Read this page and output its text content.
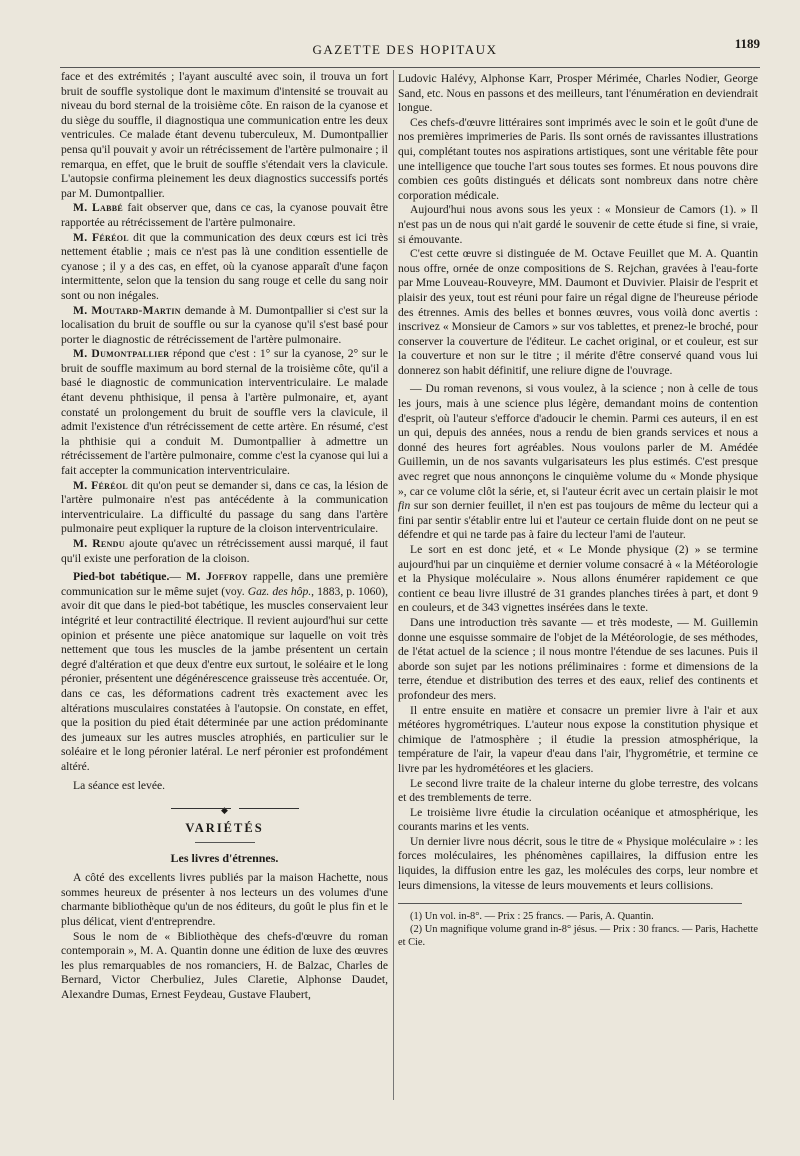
GAZETTE DES HOPITAUX	1189

face et des extrémités ; l'ayant ausculté avec soin, il trouva un fort bruit de souffle systolique dont le maximum d'intensité se trouvait au niveau du bord sternal de la troisième côte. En raison de la cyanose et du siège du souffle, il diagnostiqua une communication entre les deux ventricules. Ce malade étant devenu tuberculeux, M. Dumontpallier pensa qu'il pouvait y avoir un rétrécissement de l'artère pulmonaire ; il remarqua, en effet, que le bruit de souffle s'étendait vers la clavicule. L'autopsie confirma pleinement les deux diagnostics successifs portés par M. Dumontpallier.

M. Labbé fait observer que, dans ce cas, la cyanose pouvait être rapportée au rétrécissement de l'artère pulmonaire.

M. Féréol dit que la communication des deux cœurs est ici très nettement établie ; mais ce n'est pas là une condition essentielle de cyanose ; il y a des cas, en effet, où la cyanose apparaît d'une façon intermittente, selon que la tension du sang rouge et celle du sang noir sont ou non inégales.

M. Moutard-Martin demande à M. Dumontpallier si c'est sur la localisation du bruit de souffle ou sur la cyanose qu'il s'est basé pour porter le diagnostic de rétrécissement de l'artère pulmonaire.

M. Dumontpallier répond que c'est : 1° sur la cyanose, 2° sur le bruit de souffle maximum au bord sternal de la troisième côte, qu'il a basé le diagnostic de communication interventriculaire. Le malade étant devenu phthisique, il pensa à l'artère pulmonaire, et, ayant constaté un prolongement du bruit de souffle vers la clavicule, il admit l'existence d'un rétrécissement de cette artère. En résumé, c'est la phthisie qui a conduit M. Dumontpallier à admettre un rétrécissement de l'artère pulmonaire, comme c'est la cyanose qui lui a fait accepter la communication interventriculaire.

M. Féréol dit qu'on peut se demander si, dans ce cas, la lésion de l'artère pulmonaire n'est pas antécédente à la communication interventriculaire. La difficulté du passage du sang dans l'artère pulmonaire peut expliquer la rupture de la cloison interventriculaire.

M. Rendu ajoute qu'avec un rétrécissement aussi marqué, il faut qu'il existe une perforation de la cloison.

Pied-bot tabétique.— M. Joffroy rappelle, dans une première communication sur le même sujet (voy. Gaz. des hôp., 1883, p. 1060), avoir dit que dans le pied-bot tabétique, les muscles conservaient leur intégrité et leur contractilité électrique. Il revient aujourd'hui sur cette opinion et présente une pièce anatomique sur laquelle on voit très nettement que tous les muscles de la jambe présentent un certain degré d'altération et que deux d'entre eux surtout, le soléaire et le long péronier, présentent une dégénérescence graisseuse très accentuée. Or, dans ce cas, les déformations cadrent très exactement avec les altérations musculaires constatées à l'autopsie. On constate, en effet, que la position du pied était déterminée par une action prédominante des jumeaux sur les autres muscles atrophiés, en particulier sur le soléaire et le long péronier latéral. Le nerf péronier est profondément altéré.

La séance est levée.

◆
VARIÉTÉS
Les livres d'étrennes.

A côté des excellents livres publiés par la maison Hachette, nous sommes heureux de présenter à nos lecteurs un des volumes d'une charmante bibliothèque qu'un de nos éditeurs, du goût le plus fin et le plus délicat, vient d'entreprendre.

Sous le nom de « Bibliothèque des chefs-d'œuvre du roman contemporain », M. A. Quantin donne une édition de luxe des œuvres les plus remarquables de nos romanciers, H. de Balzac, Charles de Bernard, Victor Cherbuliez, Jules Claretie, Alphonse Daudet, Alexandre Dumas, Ernest Feydeau, Gustave Flaubert,

Ludovic Halévy, Alphonse Karr, Prosper Mérimée, Charles Nodier, George Sand, etc. Nous en passons et des meilleurs, tant l'énumération en deviendrait longue.

Ces chefs-d'œuvre littéraires sont imprimés avec le soin et le goût d'une de nos premières imprimeries de Paris. Ils sont ornés de ravissantes illustrations qui, complétant toutes nos aspirations artistiques, sont une véritable fête pour une intelligence que touche l'art sous toutes ses formes. Et nous pouvons dire combien ces goûts distingués et délicats sont nombreux dans notre chère corporation médicale.

Aujourd'hui nous avons sous les yeux : « Monsieur de Camors (1). » Il n'est pas un de nous qui n'ait gardé le souvenir de cette étude si fine, si vraie, si émouvante.

C'est cette œuvre si distinguée de M. Octave Feuillet que M. A. Quantin nous offre, ornée de onze compositions de S. Rejchan, gravées à l'eau-forte par Mme Louveau-Rouveyre, MM. Daumont et Duvivier. Plaisir de l'esprit et plaisir des yeux, tout est réuni pour faire un régal digne de l'heureuse période des étrennes. Amis des belles et bonnes œuvres, vous voilà donc avertis : inscrivez « Monsieur de Camors » sur vos tablettes, et prenez-le broché, pour conserver la couverture de l'éditeur. Le cachet original, or et couleur, est sur la couverture et non sur le titre ; il mérite d'être conservé quand vous lui donnerez son habit définitif, une reliure digne de l'ouvrage.

— Du roman revenons, si vous voulez, à la science ; non à celle de tous les jours, mais à une science plus légère, demandant moins de contention d'esprit, où l'auteur s'efforce d'adoucir le chemin. Parmi ces auteurs, il en est un qui, depuis des années, nous a rendu de bien grands services et nous a donné des heures fort agréables. Nous voulons parler de M. Amédée Guillemin, un de nos savants vulgarisateurs les plus estimés. C'est presque avec regret que nous annonçons le cinquième volume du « Monde physique », car ce volume clôt la série, et, si l'auteur écrit avec un certain plaisir le mot fin sur son dernier feuillet, il n'en est pas toujours de même du lecteur qui a fini par sentir s'établir entre lui et l'auteur ce certain fluide dont on ne peut se défendre et qui ne tarde pas à faire du lecteur l'ami de l'auteur.

Le sort en est donc jeté, et « Le Monde physique (2) » se termine aujourd'hui par un cinquième et dernier volume consacré à « la Météorologie et la Physique moléculaire ». Nous allons énumérer rapidement ce que contient ce beau livre illustré de 31 grandes planches tirées à part, et dont 9 en couleurs, et de 343 vignettes insérées dans le texte.

Dans une introduction très savante — et très modeste, — M. Guillemin donne une esquisse sommaire de l'objet de la Météorologie, de ses méthodes, de l'état actuel de la science ; il nous montre l'étendue de ses lacunes. Puis il aborde son sujet par les notions préliminaires : forme et dimensions de la terre, étendue et distribution des terres et des eaux, relief des continents et profondeur des mers.

Il entre ensuite en matière et consacre un premier livre à l'air et aux météores hygrométriques. L'auteur nous expose la constitution physique et chimique de l'atmosphère ; il étudie la pression atmosphérique, la température de l'air, la vapeur d'eau dans l'air, l'hygrométrie, et termine ce livre par les hydrométéores et les glaciers.

Le second livre traite de la chaleur interne du globe terrestre, des volcans et des tremblements de terre.

Le troisième livre étudie la circulation océanique et atmosphérique, les courants marins et les vents.

Un dernier livre nous décrit, sous le titre de « Physique moléculaire » : les forces moléculaires, les phénomènes capillaires, la diffusion entre les liquides, la diffusion entre les gaz, les molécules des corps, leur nombre et leurs dimensions, la vitesse de leurs mouvements et leurs collisions.

(1) Un vol. in-8°. — Prix : 25 francs. — Paris, A. Quantin.

(2) Un magnifique volume grand in-8° jésus. — Prix : 30 francs. — Paris, Hachette et Cie.
